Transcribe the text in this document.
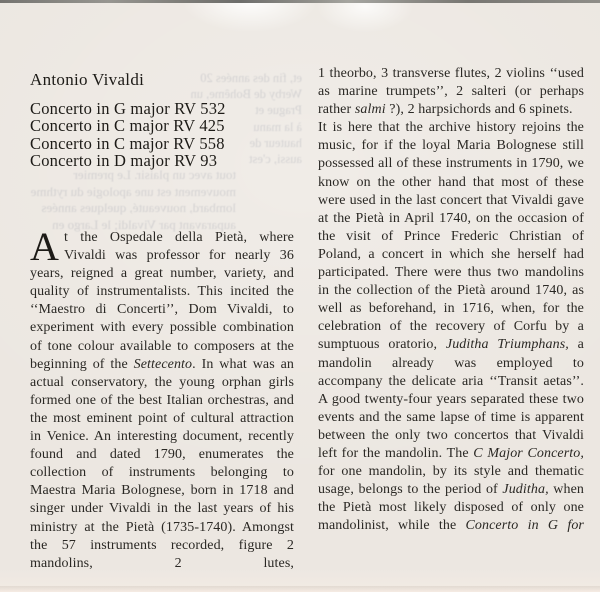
et, fin des années 20
Werby de Bohême, un
Prague et
à la manu
hauteur de
aussi, c'est
tout avec un plaisir. Le premier
mouvement est une apologie du rythme
lombard, nouveauté, quelques années
auparavant par Vivaldi; le Largo en
Antonio Vivaldi
Concerto in G major RV 532
Concerto in C major RV 425
Concerto in C major RV 558
Concerto in D major RV 93

At the Ospedale della Pietà, where Vivaldi was professor for nearly 36 years, reigned a great number, variety, and quality of instrumentalists. This incited the ‘‘Maestro di Concerti’’, Dom Vivaldi, to experiment with every possible combination of tone colour available to composers at the beginning of the Settecento. In what was an actual conservatory, the young orphan girls formed one of the best Italian orchestras, and the most eminent point of cultural attraction in Venice. An interesting document, recently found and dated 1790, enumerates the collection of instruments belonging to Maestra Maria Bolognese, born in 1718 and singer under Vivaldi in the last years of his ministry at the Pietà (1735-1740). Amongst the 57 instruments recorded, figure 2 mandolins, 2 lutes,

1 theorbo, 3 transverse flutes, 2 violins ‘‘used as marine trumpets’’, 2 salteri (or perhaps rather salmi ?), 2 harpsichords and 6 spinets.

It is here that the archive history rejoins the music, for if the loyal Maria Bolognese still possessed all of these instruments in 1790, we know on the other hand that most of these were used in the last concert that Vivaldi gave at the Pietà in April 1740, on the occasion of the visit of Prince Frederic Christian of Poland, a concert in which she herself had participated. There were thus two mandolins in the collection of the Pietà around 1740, as well as beforehand, in 1716, when, for the celebration of the recovery of Corfu by a sumptuous oratorio, Juditha Triumphans, a mandolin already was employed to accompany the delicate aria ‘‘Transit aetas’’. A good twenty-four years separated these two events and the same lapse of time is apparent between the only two concertos that Vivaldi left for the mandolin. The C Major Concerto, for one mandolin, by its style and thematic usage, belongs to the period of Juditha, when the Pietà most likely disposed of only one mandolinist, while the Concerto in G for
